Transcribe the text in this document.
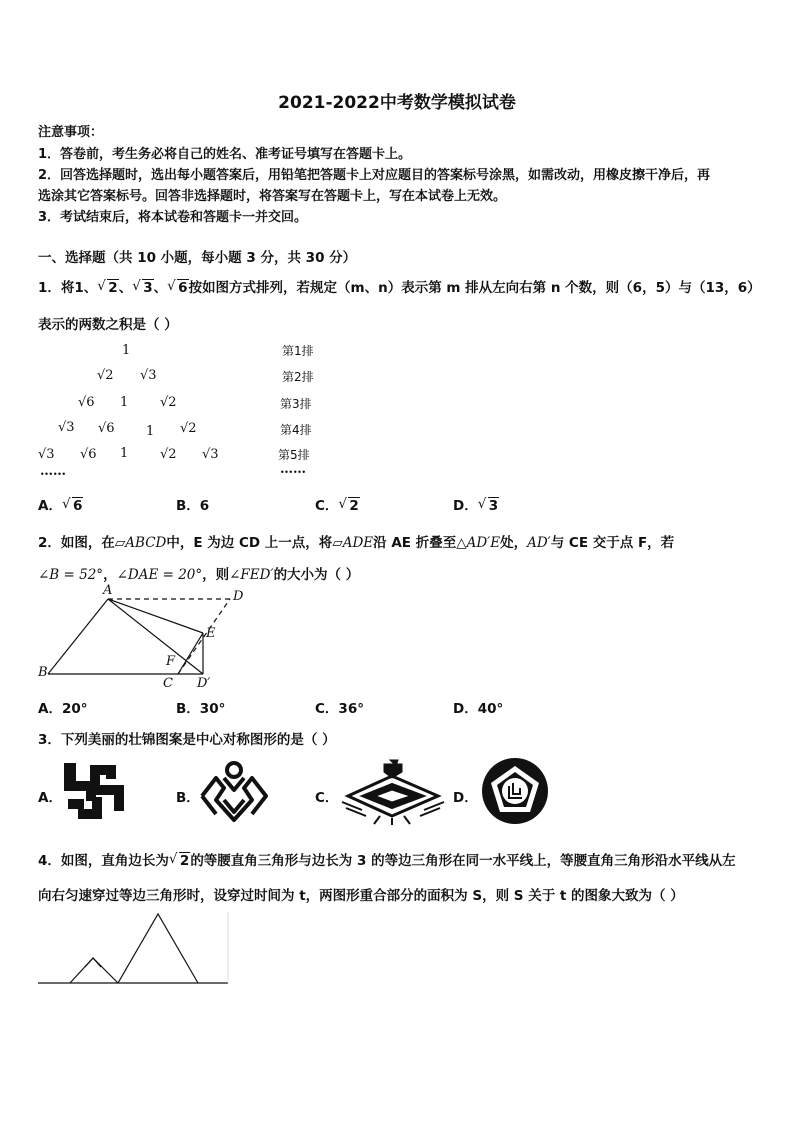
2021-2022中考数学模拟试卷
注意事项：
1．答卷前，考生务必将自己的姓名、准考证号填写在答题卡上。
2．回答选择题时，选出每小题答案后，用铅笔把答题卡上对应题目的答案标号涂黑，如需改动，用橡皮擦干净后，再
选涂其它答案标号。回答非选择题时，将答案写在答题卡上，写在本试卷上无效。
3．考试结束后，将本试卷和答题卡一并交回。
一、选择题（共 10 小题，每小题 3 分，共 30 分）
1．将1、 √ 2、 √ 3、 √ 6按如图方式排列，若规定（m、n）表示第 m 排从左向右第 n 个数，则（6，5）与（13，6）
表示的两数之积是（ ）
1
√2 √3
√6 1 √2
√3 √6 1 √2
√3 √6 1 √2 √3
……
第1排
第2排
第3排
第4排
第5排
……
A． √ 6	B．6	C． √ 2	D． √ 3
2．如图，在▱ABCD中，E 为边 CD 上一点，将▱ADE沿 AE 折叠至△AD′E处，AD′与 CE 交于点 F，若
∠B = 52°，∠DAE = 20°，则∠FED′的大小为（ ）
A
B
C
D
E
F
D′
A．20°	B．30°	C．36°	D．40°
3．下列美丽的壮锦图案是中心对称图形的是（ ）
A．	B．	C．	D．
4．如图，直角边长为 √ 2的等腰直角三角形与边长为 3 的等边三角形在同一水平线上，等腰直角三角形沿水平线从左
向右匀速穿过等边三角形时，设穿过时间为 t，两图形重合部分的面积为 S，则 S 关于 t 的图象大致为（ ）
